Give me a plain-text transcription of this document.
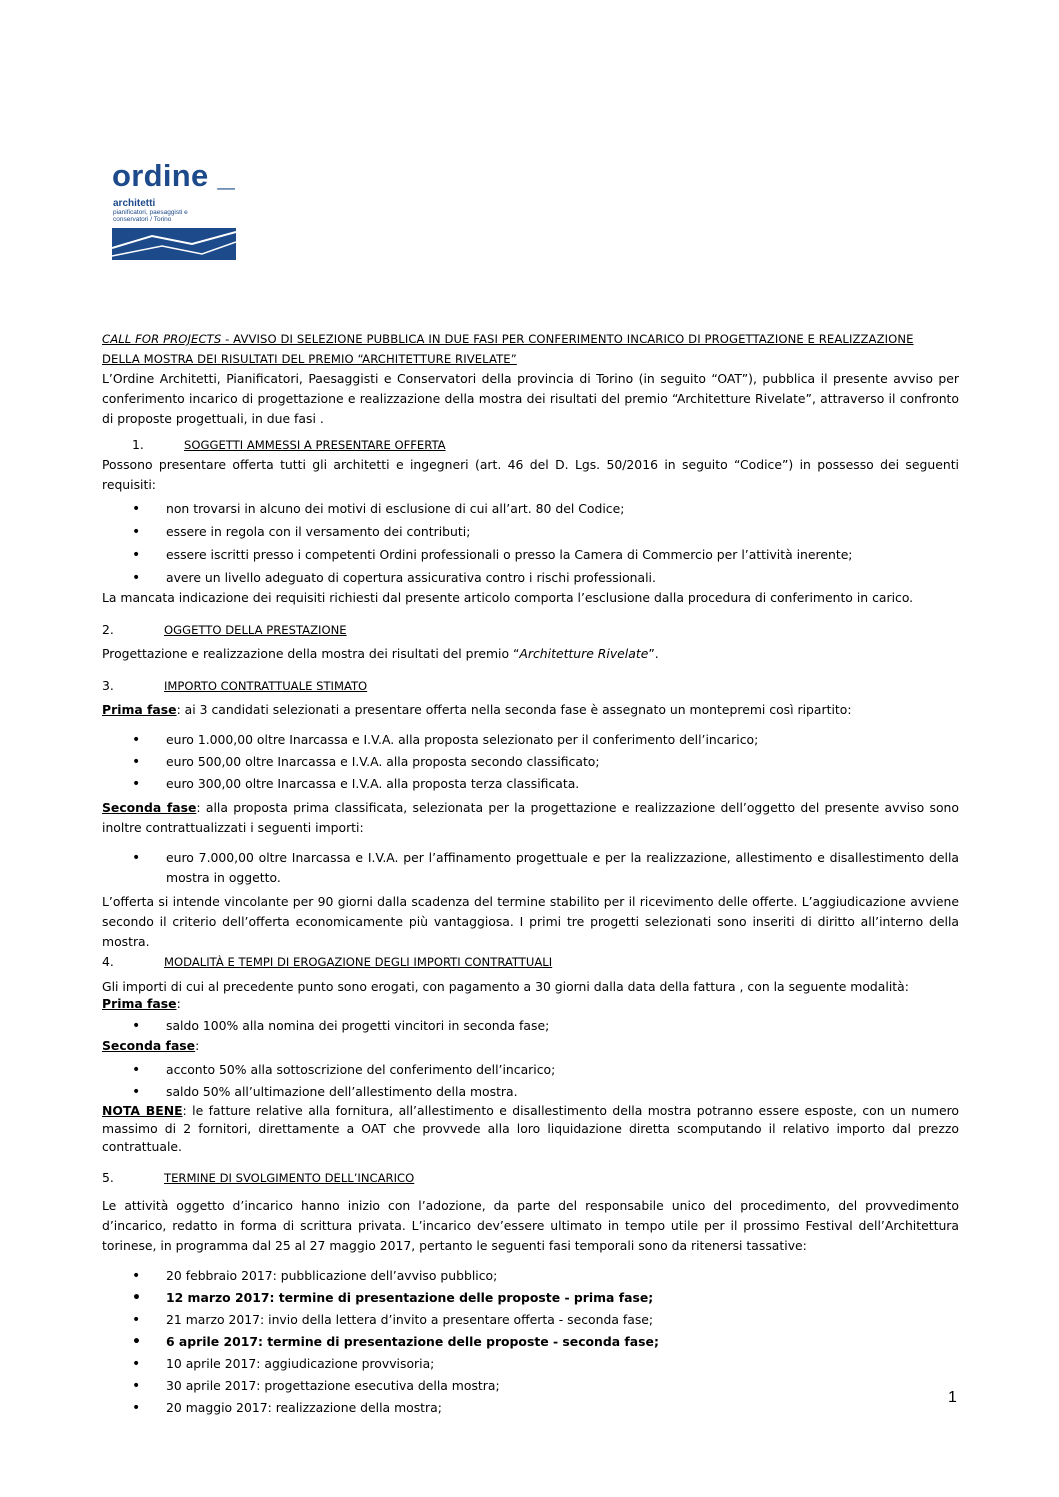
ordine _
architetti
pianificatori, paesaggisti e conservatori / Torino

CALL FOR PROJECTS - AVVISO DI SELEZIONE PUBBLICA IN DUE FASI PER CONFERIMENTO INCARICO DI PROGETTAZIONE E REALIZZAZIONE
DELLA MOSTRA DEI RISULTATI DEL PREMIO “ARCHITETTURE RIVELATE”

L’Ordine Architetti, Pianificatori, Paesaggisti e Conservatori della provincia di Torino (in seguito “OAT”), pubblica il presente avviso per conferimento incarico di progettazione e realizzazione della mostra dei risultati del premio “Architetture Rivelate”, attraverso il confronto di proposte progettuali, in due fasi .

1.	SOGGETTI AMMESSI A PRESENTARE OFFERTA

Possono presentare offerta tutti gli architetti e ingegneri (art. 46 del D. Lgs. 50/2016 in seguito “Codice”) in possesso dei seguenti requisiti:

• non trovarsi in alcuno dei motivi di esclusione di cui all’art. 80 del Codice;
• essere in regola con il versamento dei contributi;
• essere iscritti presso i competenti Ordini professionali o presso la Camera di Commercio per l’attività inerente;
• avere un livello adeguato di copertura assicurativa contro i rischi professionali.

La mancata indicazione dei requisiti richiesti dal presente articolo comporta l’esclusione dalla procedura di conferimento in carico.

2.	OGGETTO DELLA PRESTAZIONE

Progettazione e realizzazione della mostra dei risultati del premio “Architetture Rivelate”.

3.	IMPORTO CONTRATTUALE STIMATO

Prima fase: ai 3 candidati selezionati a presentare offerta nella seconda fase è assegnato un montepremi così ripartito:

• euro 1.000,00 oltre Inarcassa e I.V.A. alla proposta selezionato per il conferimento dell’incarico;
• euro 500,00 oltre Inarcassa e I.V.A. alla proposta secondo classificato;
• euro 300,00 oltre Inarcassa e I.V.A. alla proposta terza classificata.

Seconda fase: alla proposta prima classificata, selezionata per la progettazione e realizzazione dell’oggetto del presente avviso sono inoltre contrattualizzati i seguenti importi:

• euro 7.000,00 oltre Inarcassa e I.V.A. per l’affinamento progettuale e per la realizzazione, allestimento e disallestimento della mostra in oggetto.

L’offerta si intende vincolante per 90 giorni dalla scadenza del termine stabilito per il ricevimento delle offerte. L’aggiudicazione avviene secondo il criterio dell’offerta economicamente più vantaggiosa. I primi tre progetti selezionati sono inseriti di diritto all’interno della mostra.

4.	MODALITÀ E TEMPI DI EROGAZIONE DEGLI IMPORTI CONTRATTUALI

Gli importi di cui al precedente punto sono erogati, con pagamento a 30 giorni dalla data della fattura , con la seguente modalità:

Prima fase:

• saldo 100% alla nomina dei progetti vincitori in seconda fase;

Seconda fase:

• acconto 50% alla sottoscrizione del conferimento dell’incarico;
• saldo 50% all’ultimazione dell’allestimento della mostra.

NOTA BENE: le fatture relative alla fornitura, all’allestimento e disallestimento della mostra potranno essere esposte, con un numero massimo di 2 fornitori, direttamente a OAT che provvede alla loro liquidazione diretta scomputando il relativo importo dal prezzo contrattuale.

5.	TERMINE DI SVOLGIMENTO DELL’INCARICO

Le attività oggetto d’incarico hanno inizio con l’adozione, da parte del responsabile unico del procedimento, del provvedimento d’incarico, redatto in forma di scrittura privata. L’incarico dev’essere ultimato in tempo utile per il prossimo Festival dell’Architettura torinese, in programma dal 25 al 27 maggio 2017, pertanto le seguenti fasi temporali sono da ritenersi tassative:

• 20 febbraio 2017: pubblicazione dell’avviso pubblico;
• 12 marzo 2017: termine di presentazione delle proposte - prima fase;
• 21 marzo 2017: invio della lettera d’invito a presentare offerta - seconda fase;
• 6 aprile 2017: termine di presentazione delle proposte - seconda fase;
• 10 aprile 2017: aggiudicazione provvisoria;
• 30 aprile 2017: progettazione esecutiva della mostra;
• 20 maggio 2017: realizzazione della mostra;
1
